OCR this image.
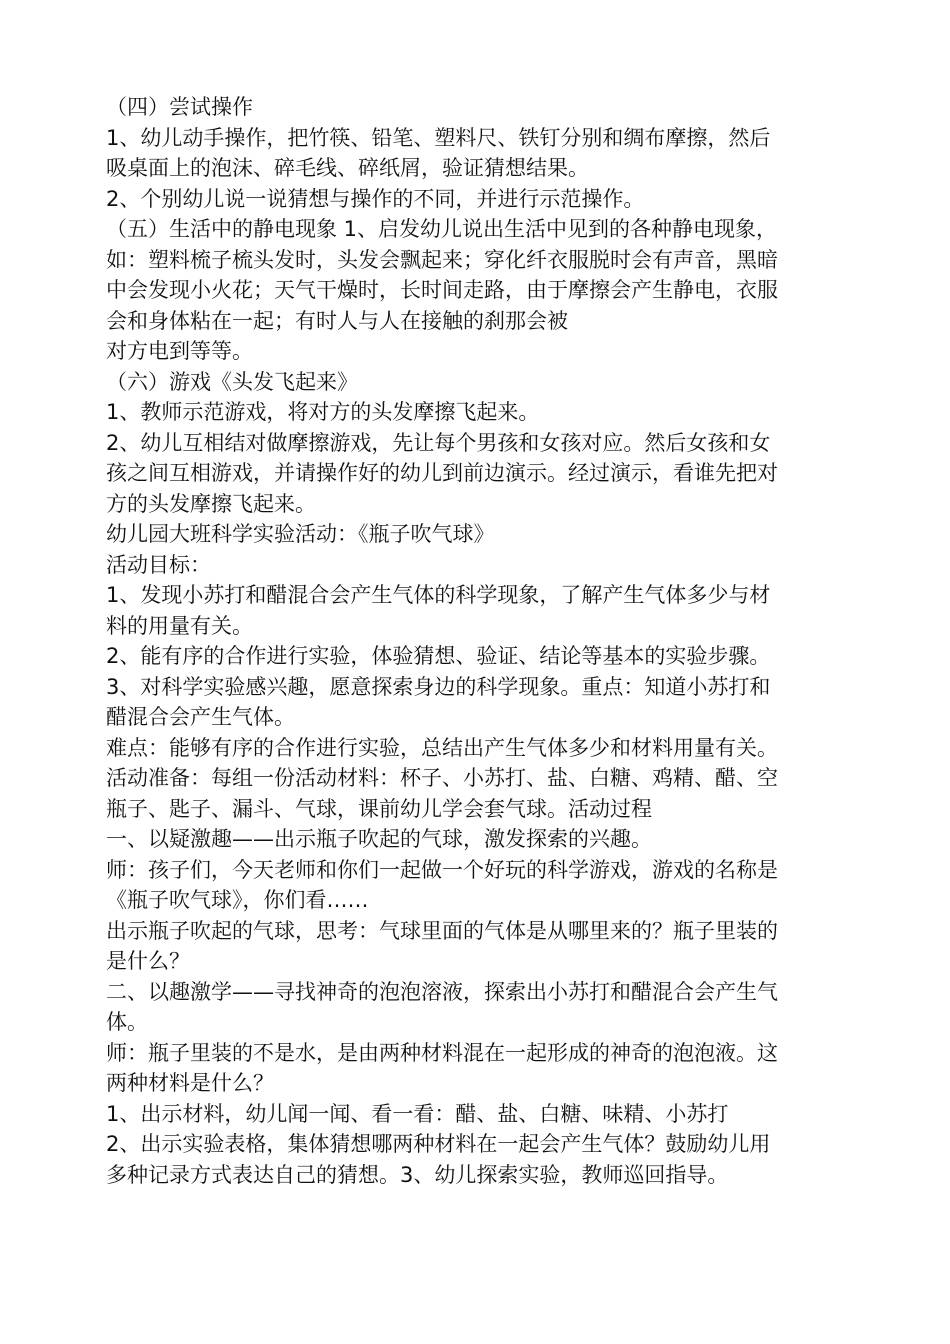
（四）尝试操作
1、幼儿动手操作，把竹筷、铅笔、塑料尺、铁钉分别和绸布摩擦，然后
吸桌面上的泡沫、碎毛线、碎纸屑，验证猜想结果。
2、个别幼儿说一说猜想与操作的不同，并进行示范操作。
（五）生活中的静电现象 1、启发幼儿说出生活中见到的各种静电现象，
如：塑料梳子梳头发时，头发会飘起来；穿化纤衣服脱时会有声音，黑暗
中会发现小火花；天气干燥时，长时间走路，由于摩擦会产生静电，衣服
会和身体粘在一起；有时人与人在接触的刹那会被
对方电到等等。
（六）游戏《头发飞起来》
1、教师示范游戏，将对方的头发摩擦飞起来。
2、幼儿互相结对做摩擦游戏，先让每个男孩和女孩对应。然后女孩和女
孩之间互相游戏，并请操作好的幼儿到前边演示。经过演示，看谁先把对
方的头发摩擦飞起来。
幼儿园大班科学实验活动：《瓶子吹气球》
活动目标：
1、发现小苏打和醋混合会产生气体的科学现象，了解产生气体多少与材
料的用量有关。
2、能有序的合作进行实验，体验猜想、验证、结论等基本的实验步骤。
3、对科学实验感兴趣，愿意探索身边的科学现象。重点：知道小苏打和
醋混合会产生气体。
难点：能够有序的合作进行实验，总结出产生气体多少和材料用量有关。
活动准备：每组一份活动材料：杯子、小苏打、盐、白糖、鸡精、醋、空
瓶子、匙子、漏斗、气球，课前幼儿学会套气球。活动过程
一、以疑激趣——出示瓶子吹起的气球，激发探索的兴趣。
师：孩子们，今天老师和你们一起做一个好玩的科学游戏，游戏的名称是
《瓶子吹气球》，你们看……
出示瓶子吹起的气球，思考：气球里面的气体是从哪里来的？瓶子里装的
是什么？
二、以趣激学——寻找神奇的泡泡溶液，探索出小苏打和醋混合会产生气
体。
师：瓶子里装的不是水，是由两种材料混在一起形成的神奇的泡泡液。这
两种材料是什么？
1、出示材料，幼儿闻一闻、看一看：醋、盐、白糖、味精、小苏打
2、出示实验表格，集体猜想哪两种材料在一起会产生气体？鼓励幼儿用
多种记录方式表达自己的猜想。3、幼儿探索实验，教师巡回指导。
